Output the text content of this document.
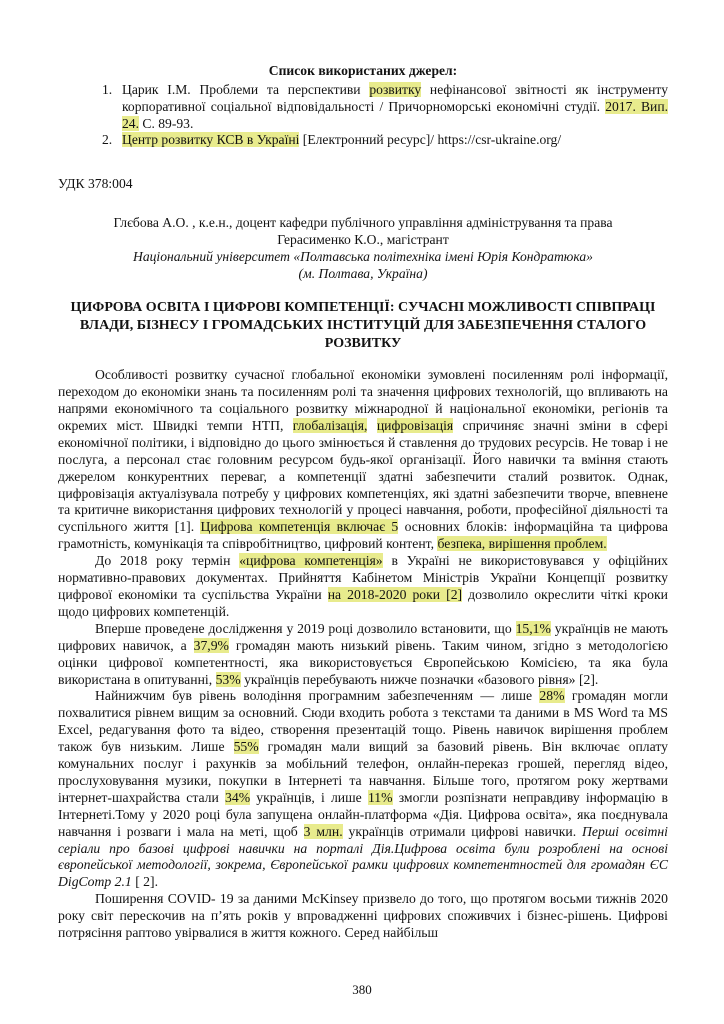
Список використаних джерел:
1. Царик І.М. Проблеми та перспективи розвитку нефінансової звітності як інструменту корпоративної соціальної відповідальності / Причорноморські економічні студії. 2017. Вип. 24. С. 89-93.
2. Центр розвитку КСВ в Україні [Електронний ресурс]/ https://csr-ukraine.org/
УДК 378:004
Глєбова А.О. , к.е.н., доцент кафедри публічного управління адміністрування та права
Герасименко К.О., магістрант
Національний університет «Полтавська політехніка імені Юрія Кондратюка»
(м. Полтава, Україна)
ЦИФРОВА ОСВІТА І ЦИФРОВІ КОМПЕТЕНЦІЇ: СУЧАСНІ МОЖЛИВОСТІ СПІВПРАЦІ ВЛАДИ, БІЗНЕСУ І ГРОМАДСЬКИХ ІНСТИТУЦІЙ ДЛЯ ЗАБЕЗПЕЧЕННЯ СТАЛОГО РОЗВИТКУ

Особливості розвитку сучасної глобальної економіки зумовлені посиленням ролі інформації, переходом до економіки знань та посиленням ролі та значення цифрових технологій, що впливають на напрями економічного та соціального розвитку міжнародної й національної економіки, регіонів та окремих міст. Швидкі темпи НТП, глобалізація, цифровізація спричиняє значні зміни в сфері економічної політики, і відповідно до цього змінюється й ставлення до трудових ресурсів. Не товар і не послуга, а персонал стає головним ресурсом будь-якої організації. Його навички та вміння стають джерелом конкурентних переваг, а компетенції здатні забезпечити сталий розвиток. Однак, цифровізація актуалізувала потребу у цифрових компетенціях, які здатні забезпечити творче, впевнене та критичне використання цифрових технологій у процесі навчання, роботи, професійної діяльності та суспільного життя [1]. Цифрова компетенція включає 5 основних блоків: інформаційна та цифрова грамотність, комунікація та співробітництво, цифровий контент, безпека, вирішення проблем.

До 2018 року термін «цифрова компетенція» в Україні не використовувався у офіційних нормативно-правових документах. Прийняття Кабінетом Міністрів України Концепції розвитку цифрової економіки та суспільства України на 2018-2020 роки [2] дозволило окреслити чіткі кроки щодо цифрових компетенцій.

Вперше проведене дослідження у 2019 році дозволило встановити, що 15,1% українців не мають цифрових навичок, а 37,9% громадян мають низький рівень. Таким чином, згідно з методологією оцінки цифрової компетентності, яка використовується Європейською Комісією, та яка була використана в опитуванні, 53% українців перебувають нижче позначки «базового рівня» [2].

Найнижчим був рівень володіння програмним забезпеченням — лише 28% громадян могли похвалитися рівнем вищим за основний. Сюди входить робота з текстами та даними в MS Word та MS Excel, редагування фото та відео, створення презентацій тощо. Рівень навичок вирішення проблем також був низьким. Лише 55% громадян мали вищий за базовий рівень. Він включає оплату комунальних послуг і рахунків за мобільний телефон, онлайн-переказ грошей, перегляд відео, прослуховування музики, покупки в Інтернеті та навчання. Більше того, протягом року жертвами інтернет-шахрайства стали 34% українців, і лише 11% змогли розпізнати неправдиву інформацію в Інтернеті.Тому у 2020 році була запущена онлайн-платформа «Дія. Цифрова освіта», яка поєднувала навчання і розваги і мала на меті, щоб 3 млн. українців отримали цифрові навички. Перші освітні серіали про базові цифрові навички на порталі Дія.Цифрова освіта були розроблені на основі європейської методології, зокрема, Європейської рамки цифрових компетентностей для громадян ЄС DigComp 2.1 [ 2].

Поширення COVID- 19 за даними McKinsey призвело до того, що протягом восьми тижнів 2020 року світ перескочив на п’ять років у впровадженні цифрових споживчих і бізнес-рішень. Цифрові потрясіння раптово увірвалися в життя кожного. Серед найбільш

380
